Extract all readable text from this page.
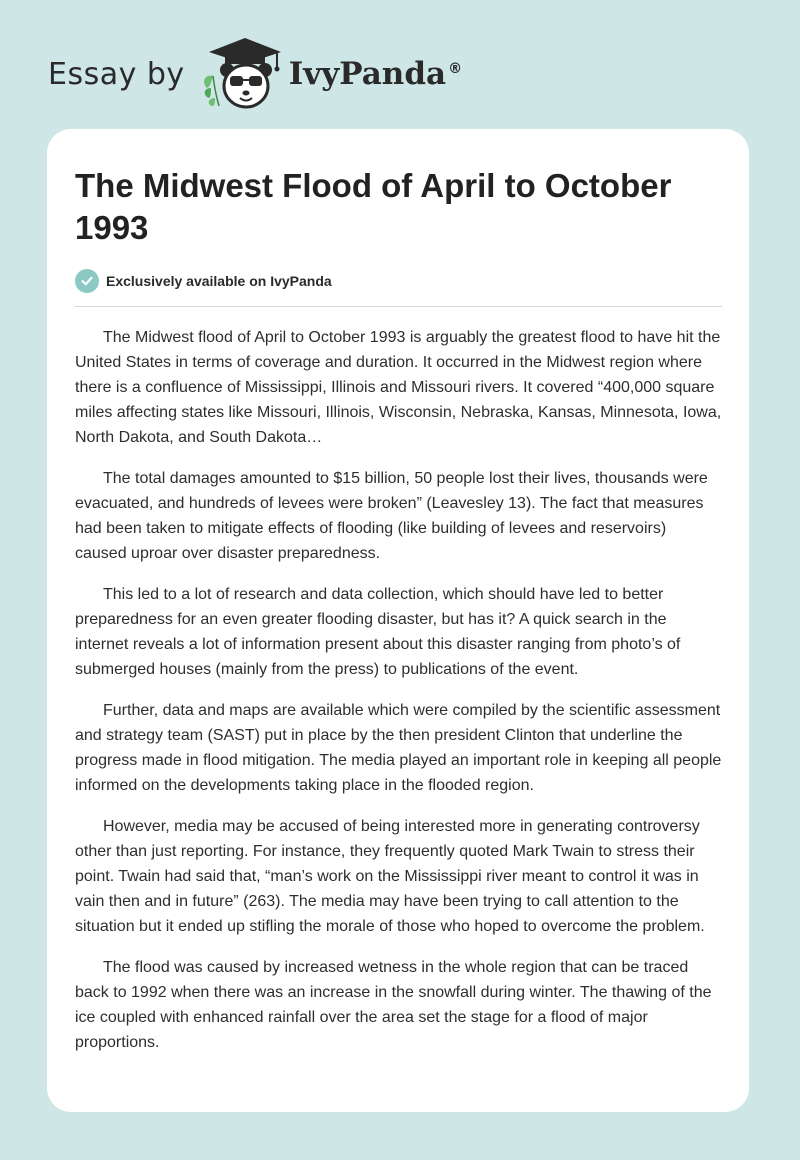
Essay by	IvyPanda ®
The Midwest Flood of April to October 1993
Exclusively available on IvyPanda

The Midwest flood of April to October 1993 is arguably the greatest flood to have hit the United States in terms of coverage and duration. It occurred in the Midwest region where there is a confluence of Mississippi, Illinois and Missouri rivers. It covered “400,000 square miles affecting states like Missouri, Illinois, Wisconsin, Nebraska, Kansas, Minnesota, Iowa, North Dakota, and South Dakota…

The total damages amounted to $15 billion, 50 people lost their lives, thousands were evacuated, and hundreds of levees were broken” (Leavesley 13). The fact that measures had been taken to mitigate effects of flooding (like building of levees and reservoirs) caused uproar over disaster preparedness.

This led to a lot of research and data collection, which should have led to better preparedness for an even greater flooding disaster, but has it? A quick search in the internet reveals a lot of information present about this disaster ranging from photo’s of submerged houses (mainly from the press) to publications of the event.

Further, data and maps are available which were compiled by the scientific assessment and strategy team (SAST) put in place by the then president Clinton that underline the progress made in flood mitigation. The media played an important role in keeping all people informed on the developments taking place in the flooded region.

However, media may be accused of being interested more in generating controversy other than just reporting. For instance, they frequently quoted Mark Twain to stress their point. Twain had said that, “man’s work on the Mississippi river meant to control it was in vain then and in future” (263). The media may have been trying to call attention to the situation but it ended up stifling the morale of those who hoped to overcome the problem.

The flood was caused by increased wetness in the whole region that can be traced back to 1992 when there was an increase in the snowfall during winter. The thawing of the ice coupled with enhanced rainfall over the area set the stage for a flood of major proportions.
